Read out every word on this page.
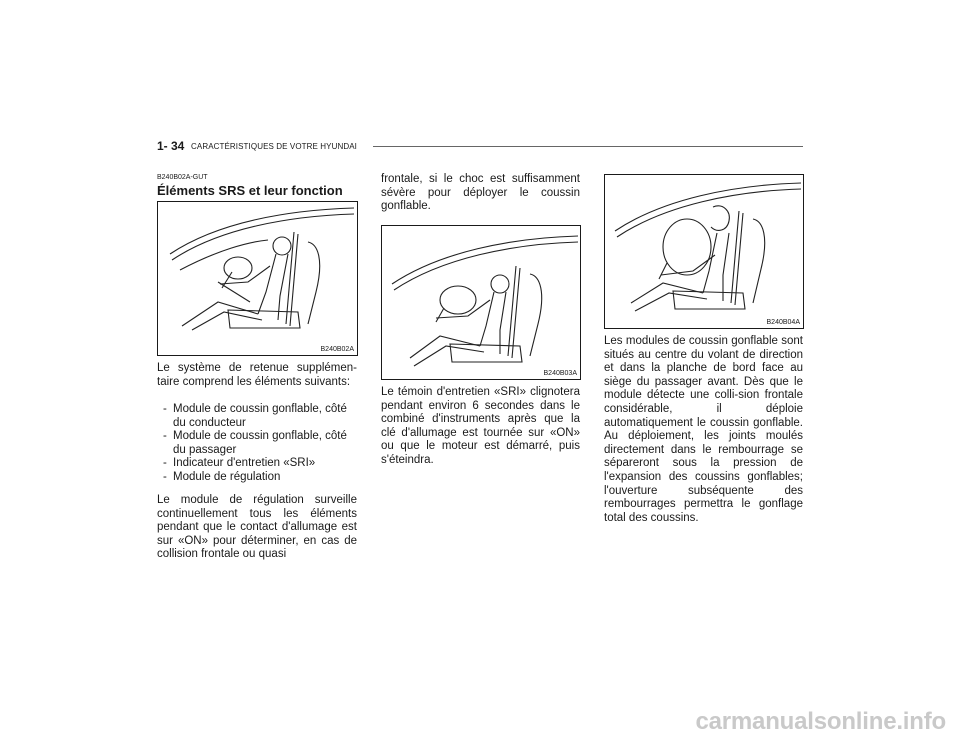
1- 34 CARACTÉRISTIQUES DE VOTRE HYUNDAI
B240B02A-GUT
Éléments SRS et leur fonction
B240B02A

Le système de retenue supplémen-taire comprend les éléments suivants:

- Module de coussin gonflable, côté du conducteur
- Module de coussin gonflable, côté du passager
- Indicateur d'entretien «SRI»
- Module de régulation

Le module de régulation surveille continuellement tous les éléments pendant que le contact d'allumage est sur «ON» pour déterminer, en cas de collision frontale ou quasi

frontale, si le choc est suffisamment sévère pour déployer le coussin gonflable.

B240B03A

Le témoin d'entretien «SRI» clignotera pendant environ 6 secondes dans le combiné d'instruments après que la clé d'allumage est tournée sur «ON» ou que le moteur est démarré, puis s'éteindra.

B240B04A

Les modules de coussin gonflable sont situés au centre du volant de direction et dans la planche de bord face au siège du passager avant. Dès que le module détecte une colli-sion frontale considérable, il déploie automatiquement le coussin gonflable. Au déploiement, les joints moulés directement dans le rembourrage se sépareront sous la pression de l'expansion des coussins gonflables; l'ouverture subséquente des rembourrages permettra le gonflage total des coussins.

carmanualsonline.info
